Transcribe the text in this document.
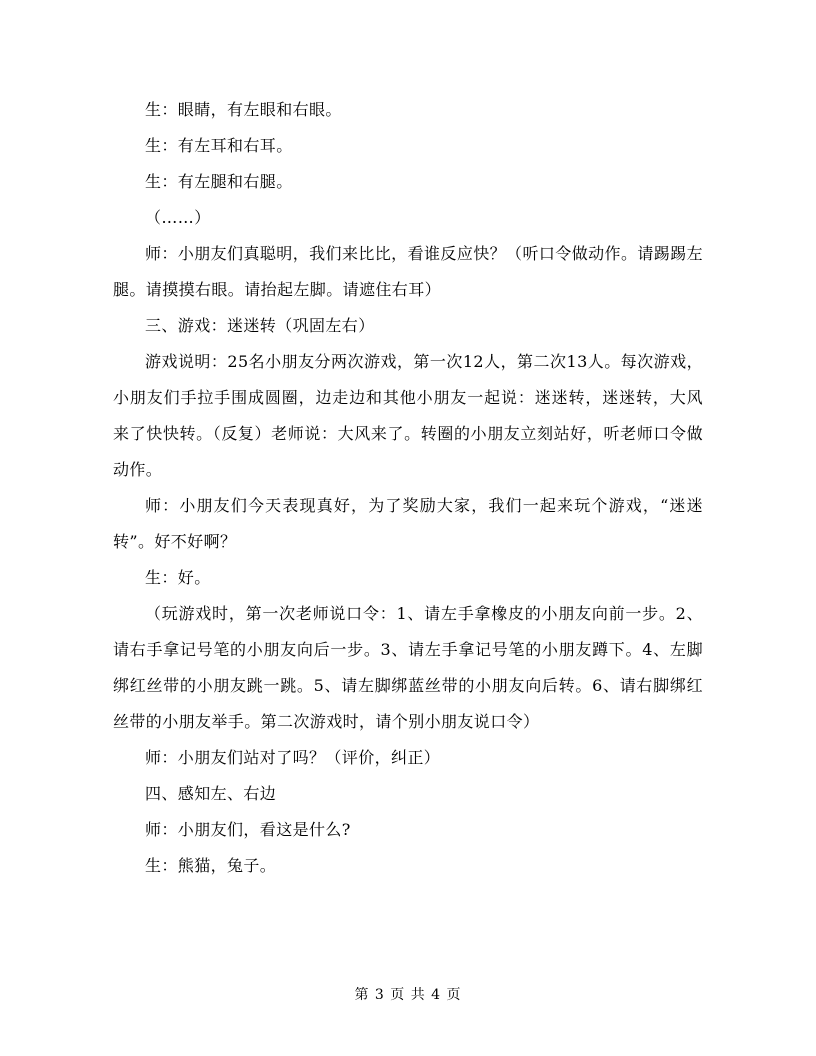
生：眼睛，有左眼和右眼。

生：有左耳和右耳。

生：有左腿和右腿。

（……）

师：小朋友们真聪明，我们来比比，看谁反应快？（听口令做动作。请踢踢左腿。请摸摸右眼。请抬起左脚。请遮住右耳）

三、游戏：迷迷转（巩固左右）

游戏说明：25名小朋友分两次游戏，第一次12人，第二次13人。每次游戏，小朋友们手拉手围成圆圈，边走边和其他小朋友一起说：迷迷转，迷迷转，大风来了快快转。（反复）老师说：大风来了。转圈的小朋友立刻站好，听老师口令做动作。

师：小朋友们今天表现真好，为了奖励大家，我们一起来玩个游戏，“迷迷转”。好不好啊？

生：好。

（玩游戏时，第一次老师说口令：1、请左手拿橡皮的小朋友向前一步。2、请右手拿记号笔的小朋友向后一步。3、请左手拿记号笔的小朋友蹲下。4、左脚绑红丝带的小朋友跳一跳。5、请左脚绑蓝丝带的小朋友向后转。6、请右脚绑红丝带的小朋友举手。第二次游戏时，请个别小朋友说口令）

师：小朋友们站对了吗？（评价，纠正）

四、感知左、右边

师：小朋友们，看这是什么?

生：熊猫，兔子。

第 3 页 共 4 页
